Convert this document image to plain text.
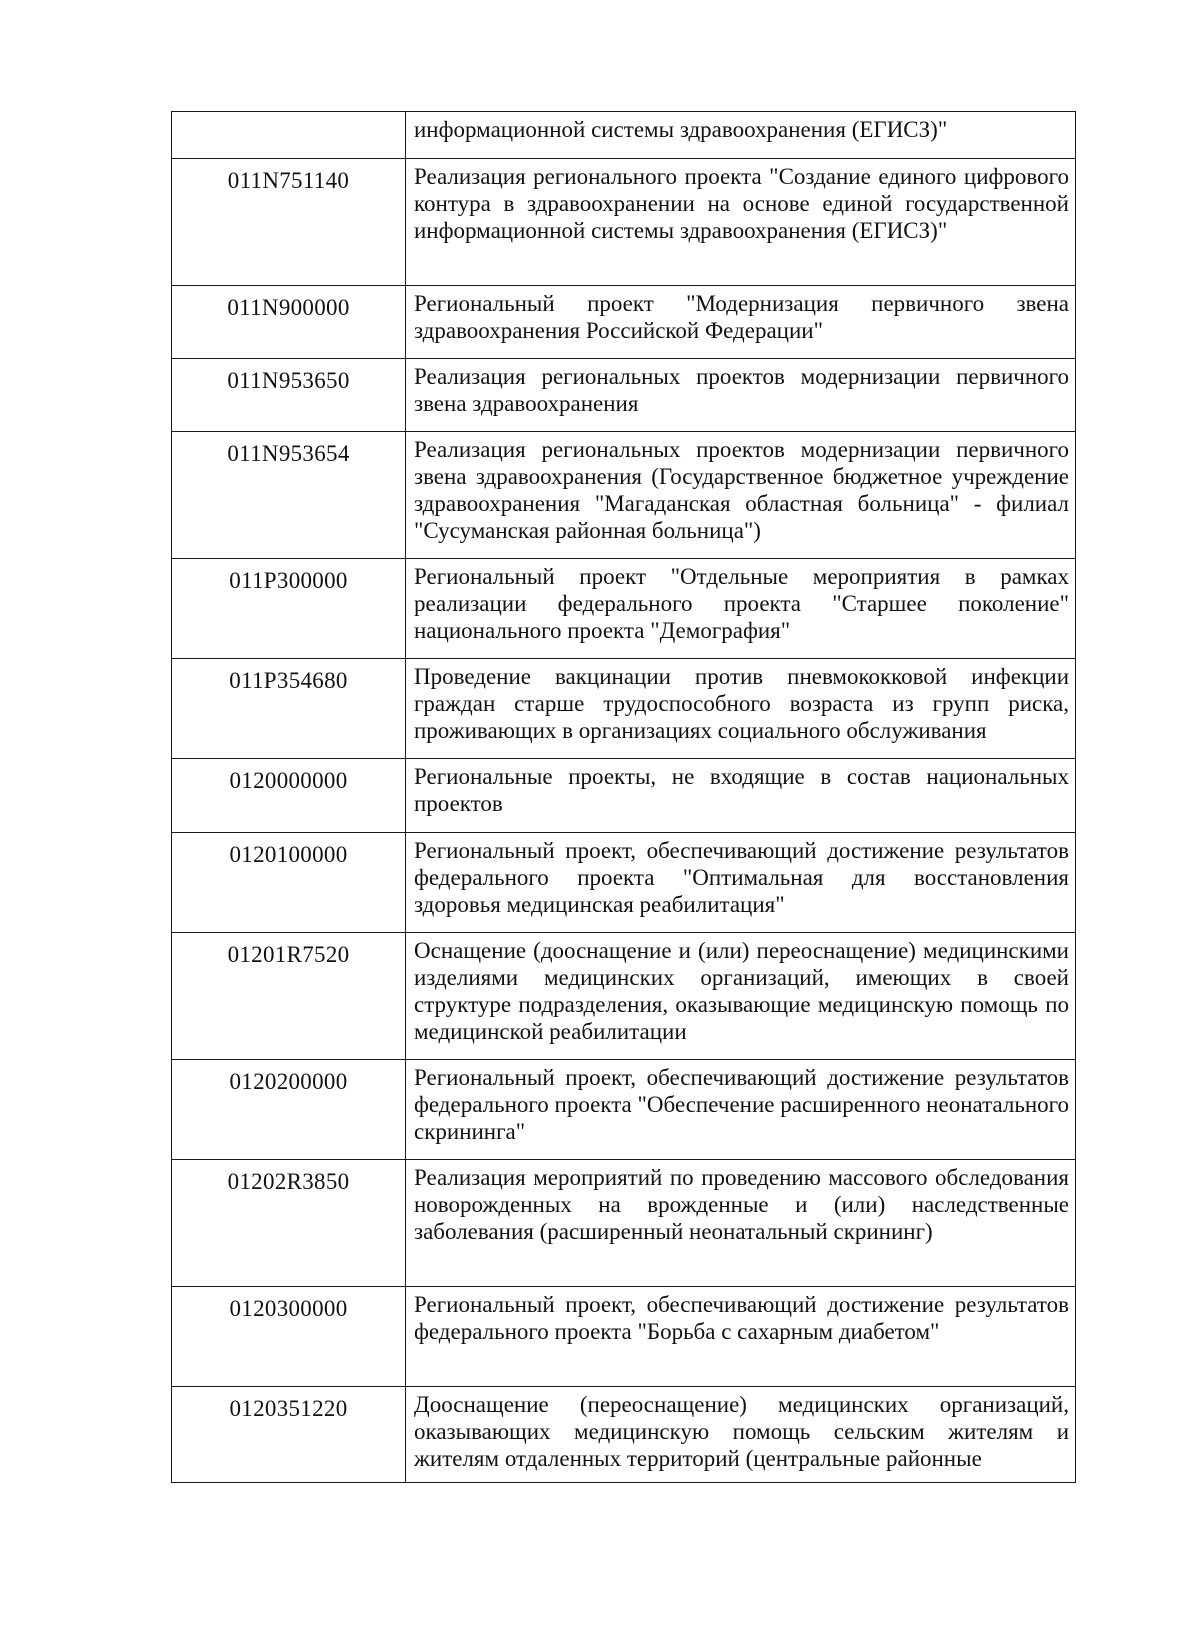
	информационной системы здравоохранения (ЕГИСЗ)"
011N751140	Реализация регионального проекта "Создание единого цифрового контура в здравоохранении на основе единой государственной информационной системы здравоохранения (ЕГИСЗ)"
011N900000	Региональный проект "Модернизация первичного звена здравоохранения Российской Федерации"
011N953650	Реализация региональных проектов модернизации первичного звена здравоохранения
011N953654	Реализация региональных проектов модернизации первичного звена здравоохранения (Государственное бюджетное учреждение здравоохранения "Магаданская областная больница" - филиал "Сусуманская районная больница")
011P300000	Региональный проект "Отдельные мероприятия в рамках реализации федерального проекта "Старшее поколение" национального проекта "Демография"
011P354680	Проведение вакцинации против пневмококковой инфекции граждан старше трудоспособного возраста из групп риска, проживающих в организациях социального обслуживания
0120000000	Региональные проекты, не входящие в состав национальных проектов
0120100000	Региональный проект, обеспечивающий достижение результатов федерального проекта "Оптимальная для восстановления здоровья медицинская реабилитация"
01201R7520	Оснащение (дооснащение и (или) переоснащение) медицинскими изделиями медицинских организаций, имеющих в своей структуре подразделения, оказывающие медицинскую помощь по медицинской реабилитации
0120200000	Региональный проект, обеспечивающий достижение результатов федерального проекта "Обеспечение расширенного неонатального скрининга"
01202R3850	Реализация мероприятий по проведению массового обследования новорожденных на врожденные и (или) наследственные заболевания (расширенный неонатальный скрининг)
0120300000	Региональный проект, обеспечивающий достижение результатов федерального проекта "Борьба с сахарным диабетом"
0120351220	Дооснащение (переоснащение) медицинских организаций, оказывающих медицинскую помощь сельским жителям и жителям отдаленных территорий (центральные районные
